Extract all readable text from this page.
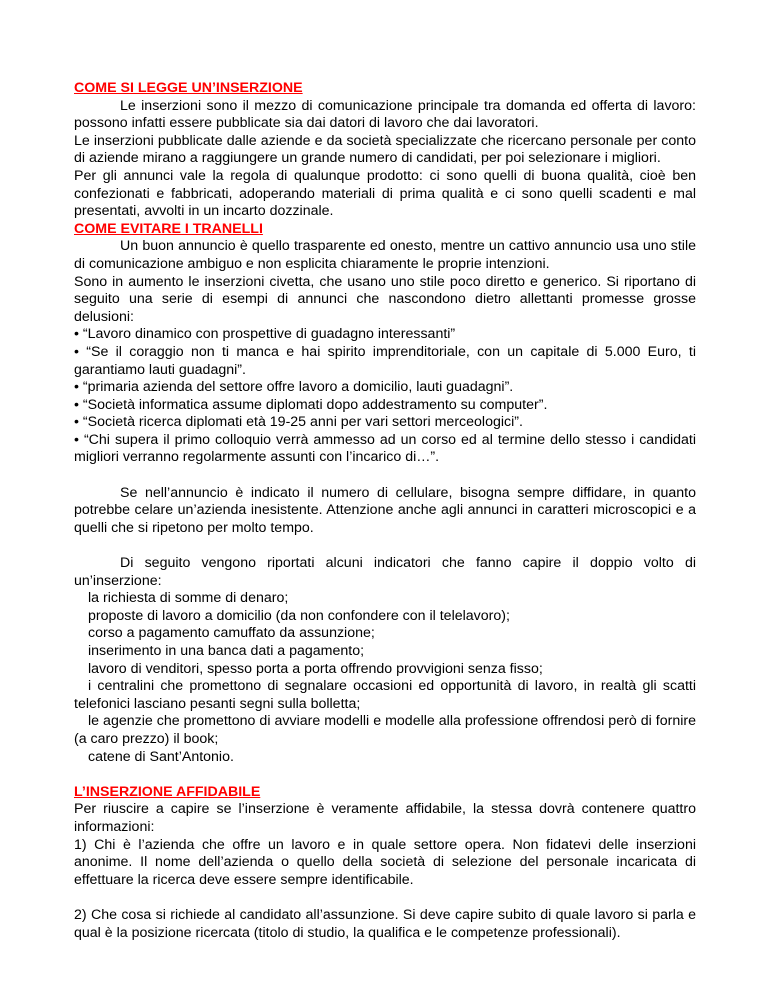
COME SI LEGGE UN’INSERZIONE

Le inserzioni sono il mezzo di comunicazione principale tra domanda ed offerta di lavoro: possono infatti essere pubblicate sia dai datori di lavoro che dai lavoratori.

Le inserzioni pubblicate dalle aziende e da società specializzate che ricercano personale per conto di aziende mirano a raggiungere un grande numero di candidati, per poi selezionare i migliori.

Per gli annunci vale la regola di qualunque prodotto: ci sono quelli di buona qualità, cioè ben confezionati e fabbricati, adoperando materiali di prima qualità e ci sono quelli scadenti e mal presentati, avvolti in un incarto dozzinale.

COME EVITARE I TRANELLI

Un buon annuncio è quello trasparente ed onesto, mentre un cattivo annuncio usa uno stile di comunicazione ambiguo e non esplicita chiaramente le proprie intenzioni.

Sono in aumento le inserzioni civetta, che usano uno stile poco diretto e generico. Si riportano di seguito una serie di esempi di annunci che nascondono dietro allettanti promesse grosse delusioni:

• “Lavoro dinamico con prospettive di guadagno interessanti”

• “Se il coraggio non ti manca e hai spirito imprenditoriale, con un capitale di 5.000 Euro, ti garantiamo lauti guadagni”.

• “primaria azienda del settore offre lavoro a domicilio, lauti guadagni”.

• “Società informatica assume diplomati dopo addestramento su computer”.

• “Società ricerca diplomati età 19-25 anni per vari settori merceologici”.

• “Chi supera il primo colloquio verrà ammesso ad un corso ed al termine dello stesso i candidati migliori verranno regolarmente assunti con l’incarico di…”.

Se nell’annuncio è indicato il numero di cellulare, bisogna sempre diffidare, in quanto potrebbe celare un’azienda inesistente. Attenzione anche agli annunci in caratteri microscopici e a quelli che si ripetono per molto tempo.

Di seguito vengono riportati alcuni indicatori che fanno capire il doppio volto di un’inserzione:

la richiesta di somme di denaro;

proposte di lavoro a domicilio (da non confondere con il telelavoro);

corso a pagamento camuffato da assunzione;

inserimento in una banca dati a pagamento;

lavoro di venditori, spesso porta a porta offrendo provvigioni senza fisso;

i centralini che promettono di segnalare occasioni ed opportunità di lavoro, in realtà gli scatti telefonici lasciano pesanti segni sulla bolletta;

le agenzie che promettono di avviare modelli e modelle alla professione offrendosi però di fornire (a caro prezzo) il book;

catene di Sant’Antonio.

L’INSERZIONE AFFIDABILE

Per riuscire a capire se l’inserzione è veramente affidabile, la stessa dovrà contenere quattro informazioni:

1) Chi è l’azienda che offre un lavoro e in quale settore opera. Non fidatevi delle inserzioni anonime. Il nome dell’azienda o quello della società di selezione del personale incaricata di effettuare la ricerca deve essere sempre identificabile.

2) Che cosa si richiede al candidato all’assunzione. Si deve capire subito di quale lavoro si parla e qual è la posizione ricercata (titolo di studio, la qualifica e le competenze professionali).
